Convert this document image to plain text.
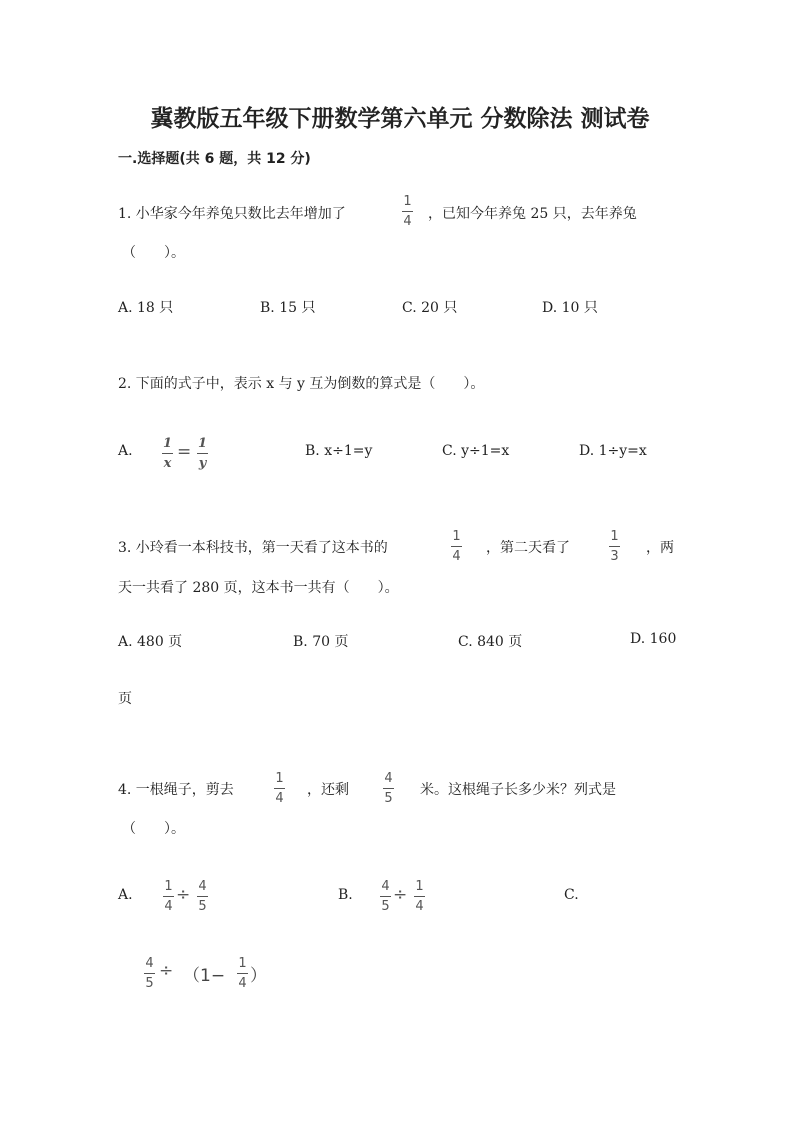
冀教版五年级下册数学第六单元 分数除法 测试卷
一.选择题(共 6 题，共 12 分)
1. 小华家今年养兔只数比去年增加了
1
4 ，已知今年养兔 25 只，去年养兔
（　　）。
A. 18 只	B. 15 只	C. 20 只	D. 10 只
2. 下面的式子中，表示 x 与 y 互为倒数的算式是（　　）。
A. 1
x
= 1
y
B. x÷1=y	C. y÷1=x	D. 1÷y=x
3. 小玲看一本科技书，第一天看了这本书的
1
4
，第二天看了
1
3
，两
天一共看了 280 页，这本书一共有（　　）。
A. 480 页	B. 70 页	C. 840 页	D. 160
页
4. 一根绳子，剪去
1
4
，还剩
4
5
米。这根绳子长多少米？列式是
（　　）。
A.
1
4
÷ 4
5
B.
4
5
÷ 1
4
C.
4
5
÷ （1−
1
4 ）
